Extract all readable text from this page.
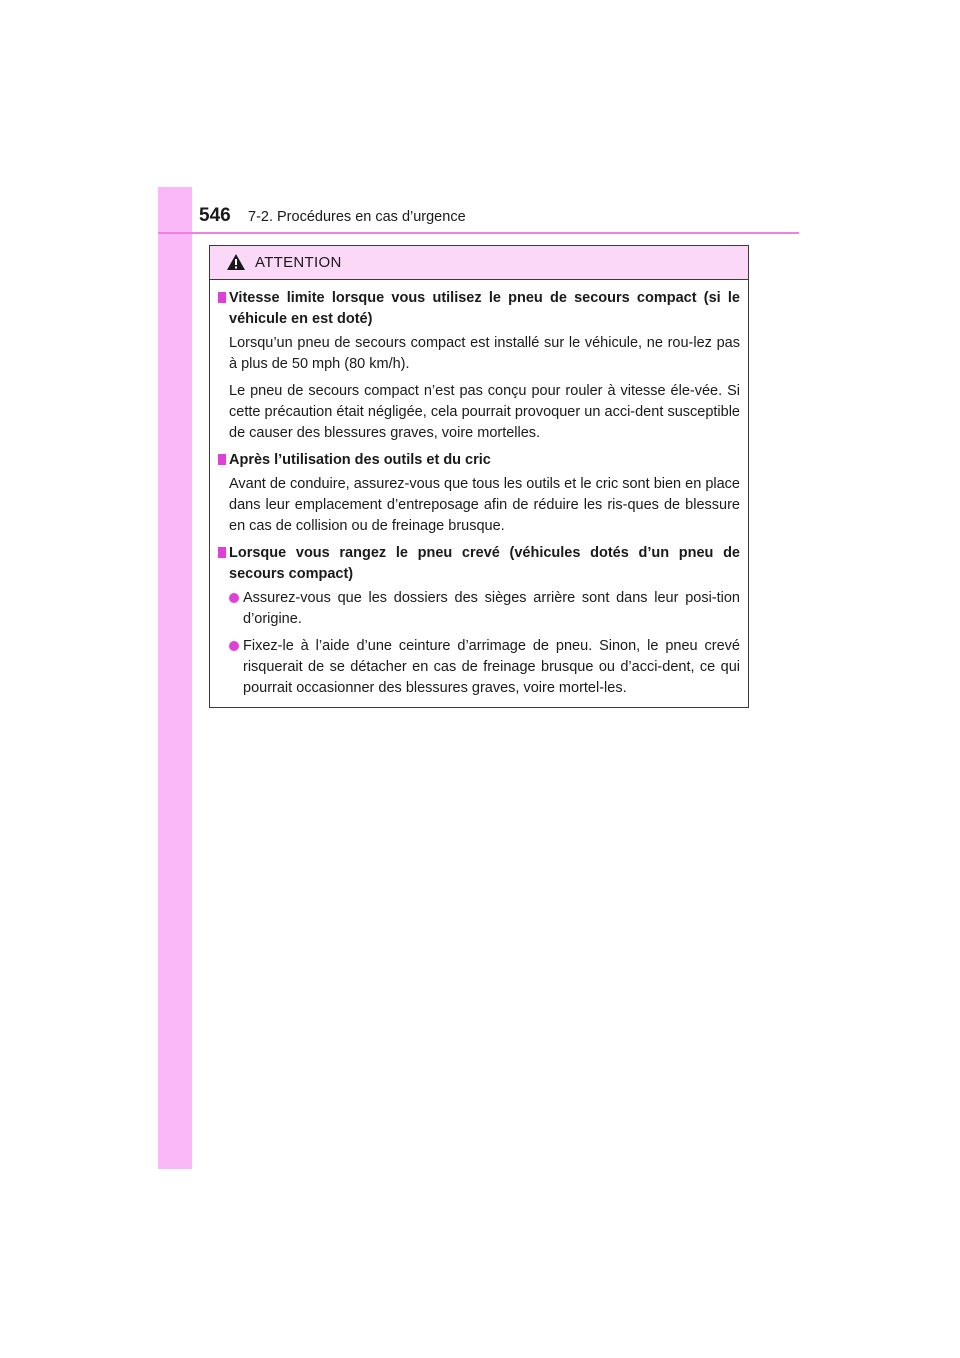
546 7-2. Procédures en cas d’urgence
ATTENTION

Vitesse limite lorsque vous utilisez le pneu de secours compact (si le véhicule en est doté)

Lorsqu’un pneu de secours compact est installé sur le véhicule, ne rou-lez pas à plus de 50 mph (80 km/h).

Le pneu de secours compact n’est pas conçu pour rouler à vitesse éle-vée. Si cette précaution était négligée, cela pourrait provoquer un acci-dent susceptible de causer des blessures graves, voire mortelles.

Après l’utilisation des outils et du cric

Avant de conduire, assurez-vous que tous les outils et le cric sont bien en place dans leur emplacement d’entreposage afin de réduire les ris-ques de blessure en cas de collision ou de freinage brusque.

Lorsque vous rangez le pneu crevé (véhicules dotés d’un pneu de secours compact)

Assurez-vous que les dossiers des sièges arrière sont dans leur posi-tion d’origine.

Fixez-le à l’aide d’une ceinture d’arrimage de pneu. Sinon, le pneu crevé risquerait de se détacher en cas de freinage brusque ou d’acci-dent, ce qui pourrait occasionner des blessures graves, voire mortel-les.
